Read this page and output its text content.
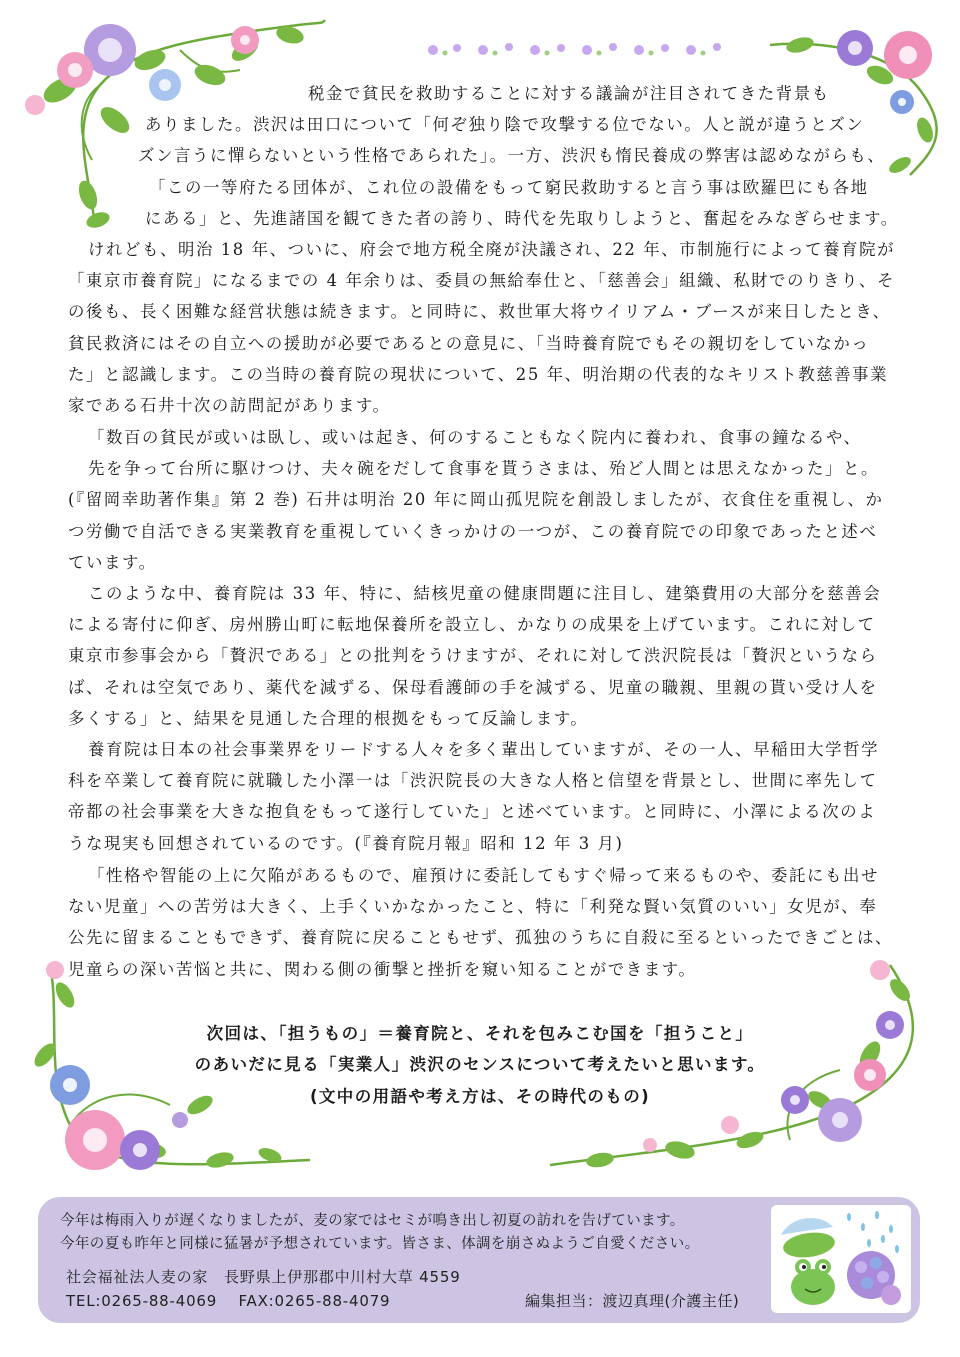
税金で貧民を救助することに対する議論が注目されてきた背景も
ありました。渋沢は田口について「何ぞ独り陰で攻撃する位でない。人と説が違うとズン
ズン言うに憚らないという性格であられた」。一方、渋沢も惰民養成の弊害は認めながらも、
「この一等府たる団体が、これ位の設備をもって窮民救助すると言う事は欧羅巴にも各地
にある」と、先進諸国を観てきた者の誇り、時代を先取りしようと、奮起をみなぎらせます。
けれども、明治 18 年、ついに、府会で地方税全廃が決議され、22 年、市制施行によって養育院が
「東京市養育院」になるまでの 4 年余りは、委員の無給奉仕と、「慈善会」組織、私財でのりきり、そ
の後も、長く困難な経営状態は続きます。と同時に、救世軍大将ウイリアム・ブースが来日したとき、
貧民救済にはその自立への援助が必要であるとの意見に、「当時養育院でもその親切をしていなかっ
た」と認識します。この当時の養育院の現状について、25 年、明治期の代表的なキリスト教慈善事業
家である石井十次の訪問記があります。
「数百の貧民が或いは臥し、或いは起き、何のすることもなく院内に養われ、食事の鐘なるや、
先を争って台所に駆けつけ、夫々碗をだして食事を貰うさまは、殆ど人間とは思えなかった」と。
(『留岡幸助著作集』第 2 巻) 石井は明治 20 年に岡山孤児院を創設しましたが、衣食住を重視し、か
つ労働で自活できる実業教育を重視していくきっかけの一つが、この養育院での印象であったと述べ
ています。
このような中、養育院は 33 年、特に、結核児童の健康問題に注目し、建築費用の大部分を慈善会
による寄付に仰ぎ、房州勝山町に転地保養所を設立し、かなりの成果を上げています。これに対して
東京市参事会から「贅沢である」との批判をうけますが、それに対して渋沢院長は「贅沢というなら
ば、それは空気であり、薬代を減ずる、保母看護師の手を減ずる、児童の職親、里親の貰い受け人を
多くする」と、結果を見通した合理的根拠をもって反論します。
養育院は日本の社会事業界をリードする人々を多く輩出していますが、その一人、早稲田大学哲学
科を卒業して養育院に就職した小澤一は「渋沢院長の大きな人格と信望を背景とし、世間に率先して
帝都の社会事業を大きな抱負をもって遂行していた」と述べています。と同時に、小澤による次のよ
うな現実も回想されているのです。(『養育院月報』昭和 12 年 3 月)
「性格や智能の上に欠陥があるもので、雇預けに委託してもすぐ帰って来るものや、委託にも出せ
ない児童」への苦労は大きく、上手くいかなかったこと、特に「利発な賢い気質のいい」女児が、奉
公先に留まることもできず、養育院に戻ることもせず、孤独のうちに自殺に至るといったできごとは、
児童らの深い苦悩と共に、関わる側の衝撃と挫折を窺い知ることができます。
次回は、「担うもの」＝養育院と、それを包みこむ国を「担うこと」
のあいだに見る「実業人」渋沢のセンスについて考えたいと思います。
(文中の用語や考え方は、その時代のもの)
今年は梅雨入りが遅くなりましたが、麦の家ではセミが鳴き出し初夏の訪れを告げています。
今年の夏も昨年と同様に猛暑が予想されています。皆さま、体調を崩さぬようご自愛ください。
社会福祉法人麦の家　長野県上伊那郡中川村大草 4559
TEL:0265-88-4069　 FAX:0265-88-4079	編集担当：渡辺真理(介護主任)
